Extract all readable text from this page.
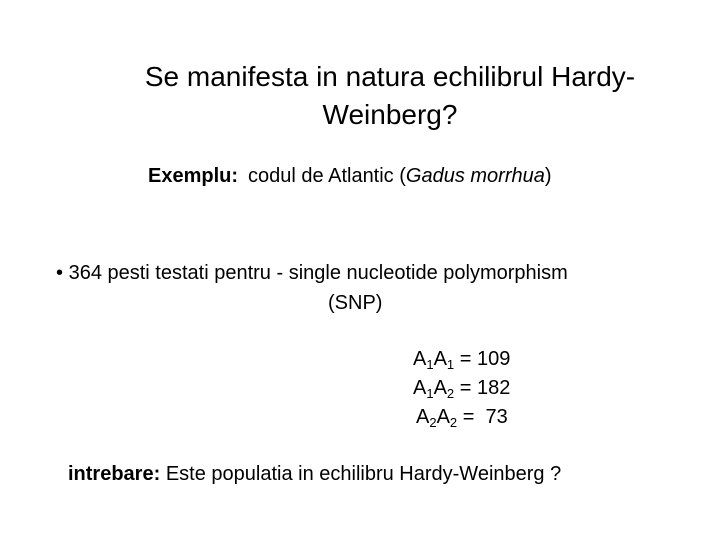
Se manifesta in natura echilibrul Hardy-
Weinberg?
Exemplu: codul de Atlantic (Gadus morrhua)
• 364 pesti testati pentru - single nucleotide polymorphism
(SNP)
$A_1A_1 = 109$
$A_1A_2 = 182$
$A_2A_2 = 73$
intrebare: Este populatia in echilibru Hardy-Weinberg ?
